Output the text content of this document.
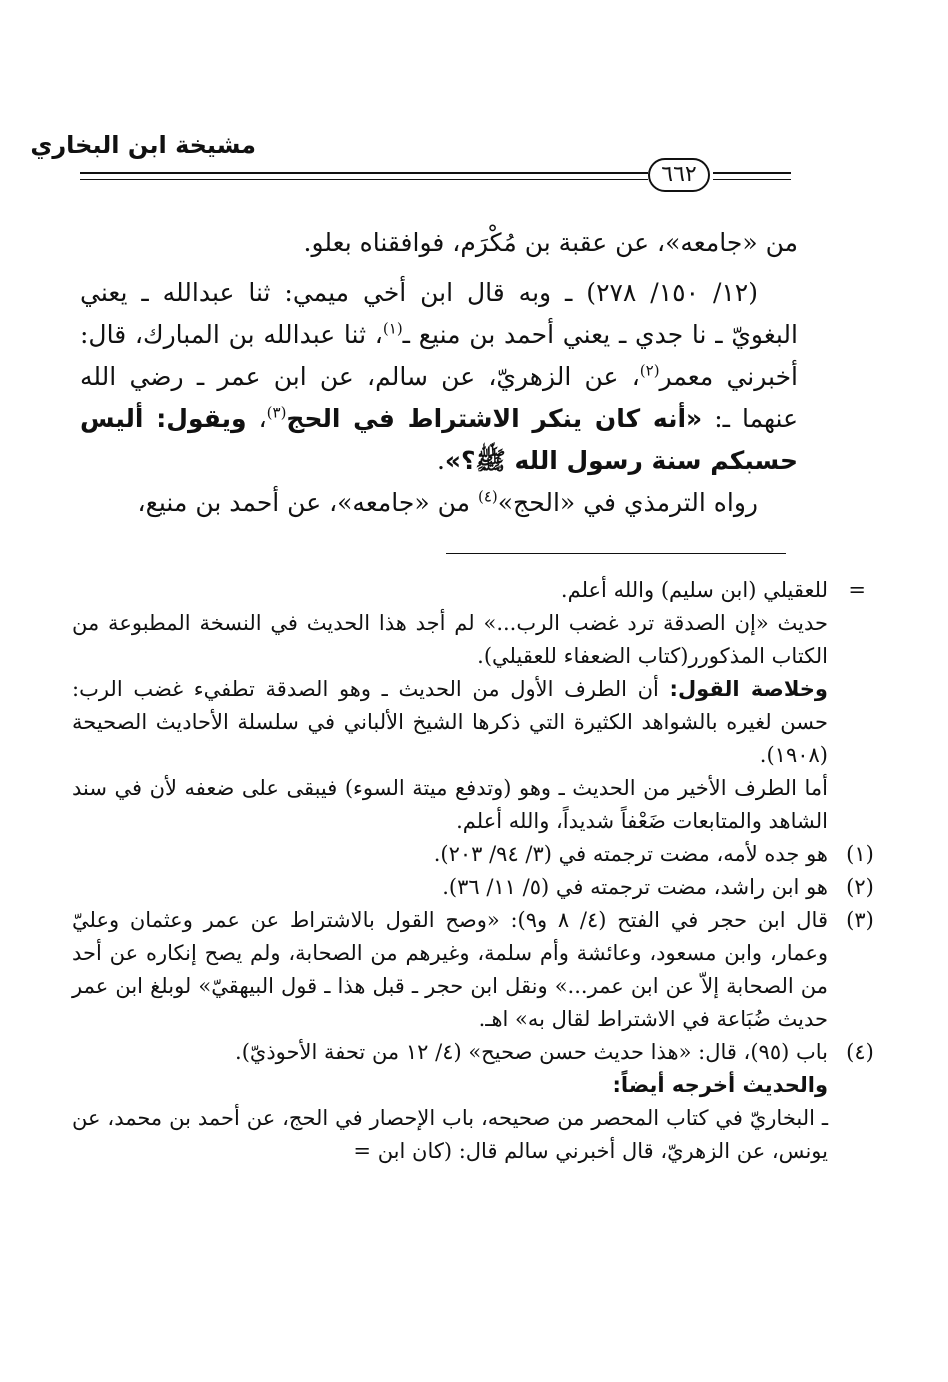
مشيخة ابن البخاري
٦٦٢

من «جامعه»، عن عقبة بن مُكْرَم، فوافقناه بعلو.

(١٢/ ١٥٠/ ٢٧٨) ـ وبه قال ابن أخي ميمي: ثنا عبدالله ـ يعني البغويّ ـ نا جدي ـ يعني أحمد بن منيع ـ$^{(١)}$، ثنا عبدالله بن المبارك، قال: أخبرني معمر$^{(٢)}$، عن الزهريّ، عن سالم، عن ابن عمر ـ رضي الله عنهما ـ: «أنه كان ينكر الاشتراط في الحج$^{(٣)}$، ويقول: أليس حسبكم سنة رسول الله ﷺ؟».

رواه الترمذي في «الحج»$^{(٤)}$ من «جامعه»، عن أحمد بن منيع،

=
للعقيلي (ابن سليم) والله أعلم.

حديث «إن الصدقة ترد غضب الرب...» لم أجد هذا الحديث في النسخة المطبوعة من الكتاب المذكورر(كتاب الضعفاء للعقيلي).

وخلاصة القول: أن الطرف الأول من الحديث ـ وهو الصدقة تطفيء غضب الرب: حسن لغيره بالشواهد الكثيرة التي ذكرها الشيخ الألباني في سلسلة الأحاديث الصحيحة (١٩٠٨).

أما الطرف الأخير من الحديث ـ وهو (وتدفع ميتة السوء) فيبقى على ضعفه لأن في سند الشاهد والمتابعات ضَعْفاً شديداً، والله أعلم.

(١)
هو جده لأمه، مضت ترجمته في (٣/ ٩٤/ ٢٠٣).

(٢)
هو ابن راشد، مضت ترجمته في (٥/ ١١/ ٣٦).

(٣)
قال ابن حجر في الفتح (٤/ ٨ و٩): «وصح القول بالاشتراط عن عمر وعثمان وعليّ وعمار، وابن مسعود، وعائشة وأم سلمة، وغيرهم من الصحابة، ولم يصح إنكاره عن أحد من الصحابة إلاّ عن ابن عمر...» ونقل ابن حجر ـ قبل هذا ـ قول البيهقيّ» لوبلغ ابن عمر حديث ضُبَاعة في الاشتراط لقال به» اهـ.

(٤)
باب (٩٥)، قال: «هذا حديث حسن صحيح» (٤/ ١٢ من تحفة الأحوذيّ).

والحديث أخرجه أيضاً:

ـ البخاريّ في كتاب المحصر من صحيحه، باب الإحصار في الحج، عن أحمد بن محمد، عن يونس، عن الزهريّ، قال أخبرني سالم قال: (كان ابن =
